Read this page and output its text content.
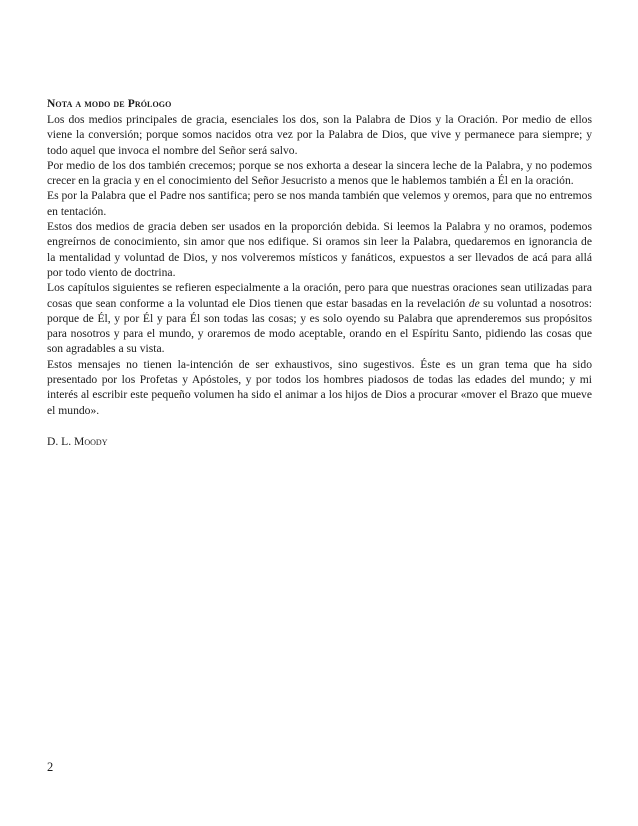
Nota a modo de Prólogo

Los dos medios principales de gracia, esenciales los dos, son la Palabra de Dios y la Oración. Por medio de ellos viene la conversión; porque somos nacidos otra vez por la Palabra de Dios, que vive y permanece para siempre; y todo aquel que invoca el nombre del Señor será salvo.

Por medio de los dos también crecemos; porque se nos exhorta a desear la sincera leche de la Palabra, y no podemos crecer en la gracia y en el conocimiento del Señor Jesucristo a menos que le hablemos también a Él en la oración.

Es por la Palabra que el Padre nos santifica; pero se nos manda también que velemos y oremos, para que no entremos en tentación.

Estos dos medios de gracia deben ser usados en la proporción debida. Si leemos la Palabra y no oramos, podemos engreírnos de conocimiento, sin amor que nos edifique. Si oramos sin leer la Palabra, quedaremos en ignorancia de la mentalidad y voluntad de Dios, y nos volveremos místicos y fanáticos, expuestos a ser llevados de acá para allá por todo viento de doctrina.

Los capítulos siguientes se refieren especialmente a la oración, pero para que nuestras oraciones sean utilizadas para cosas que sean conforme a la voluntad ele Dios tienen que estar basadas en la revelación de su voluntad a nosotros: porque de Él, y por Él y para Él son todas las cosas; y es solo oyendo su Palabra que aprenderemos sus propósitos para nosotros y para el mundo, y oraremos de modo aceptable, orando en el Espíritu Santo, pidiendo las cosas que son agradables a su vista.

Estos mensajes no tienen la-intención de ser exhaustivos, sino sugestivos. Éste es un gran tema que ha sido presentado por los Profetas y Apóstoles, y por todos los hombres piadosos de todas las edades del mundo; y mi interés al escribir este pequeño volumen ha sido el animar a los hijos de Dios a procurar «mover el Brazo que mueve el mundo».

D. L. Moody
2
